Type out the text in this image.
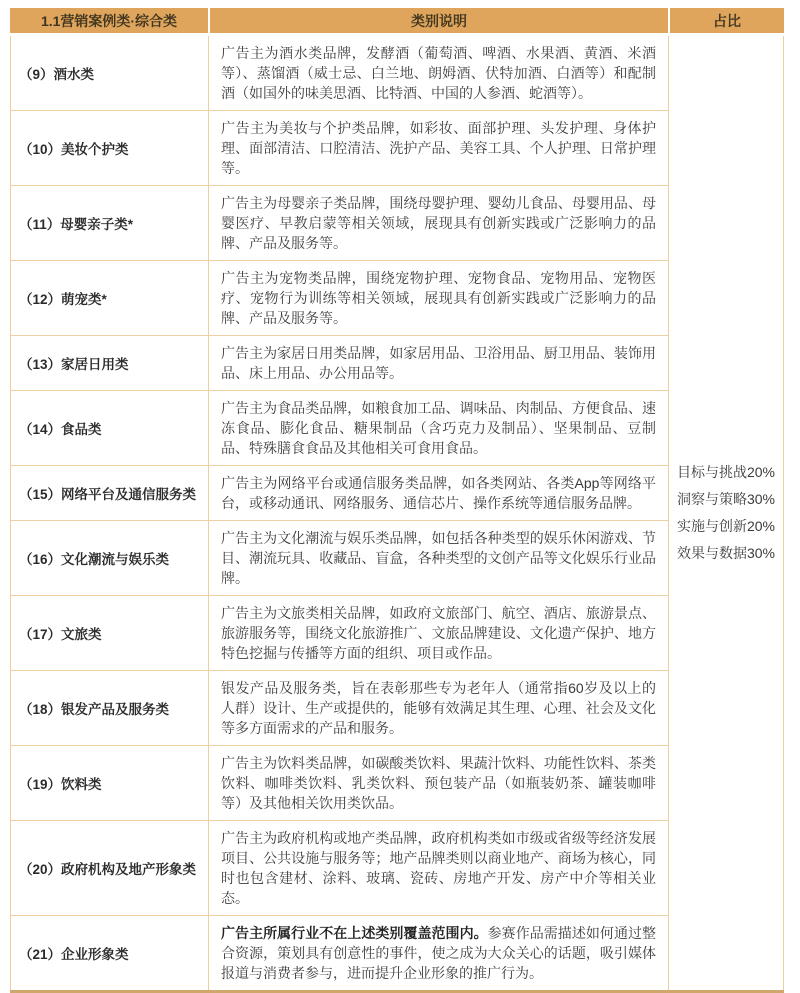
1.1营销案例类·综合类	类别说明	占比
（9）酒水类
广告主为酒水类品牌，发酵酒（葡萄酒、啤酒、水果酒、黄酒、米酒等）、蒸馏酒（威士忌、白兰地、朗姆酒、伏特加酒、白酒等）和配制酒（如国外的味美思酒、比特酒、中国的人参酒、蛇酒等）。
（10）美妆个护类
广告主为美妆与个护类品牌，如彩妆、面部护理、头发护理、身体护理、面部清洁、口腔清洁、洗护产品、美容工具、个人护理、日常护理等。
（11）母婴亲子类*
广告主为母婴亲子类品牌，围绕母婴护理、婴幼儿食品、母婴用品、母婴医疗、早教启蒙等相关领域，展现具有创新实践或广泛影响力的品牌、产品及服务等。
（12）萌宠类*
广告主为宠物类品牌，围绕宠物护理、宠物食品、宠物用品、宠物医疗、宠物行为训练等相关领域，展现具有创新实践或广泛影响力的品牌、产品及服务等。
（13）家居日用类
广告主为家居日用类品牌，如家居用品、卫浴用品、厨卫用品、装饰用品、床上用品、办公用品等。
（14）食品类
广告主为食品类品牌，如粮食加工品、调味品、肉制品、方便食品、速冻食品、膨化食品、糖果制品（含巧克力及制品）、坚果制品、豆制品、特殊膳食食品及其他相关可食用食品。
（15）网络平台及通信服务类
广告主为网络平台或通信服务类品牌，如各类网站、各类App等网络平台，或移动通讯、网络服务、通信芯片、操作系统等通信服务品牌。
（16）文化潮流与娱乐类
广告主为文化潮流与娱乐类品牌，如包括各种类型的娱乐休闲游戏、节目、潮流玩具、收藏品、盲盒，各种类型的文创产品等文化娱乐行业品牌。
（17）文旅类
广告主为文旅类相关品牌，如政府文旅部门、航空、酒店、旅游景点、旅游服务等，围绕文化旅游推广、文旅品牌建设、文化遗产保护、地方特色挖掘与传播等方面的组织、项目或作品。
（18）银发产品及服务类
银发产品及服务类，旨在表彰那些专为老年人（通常指60岁及以上的人群）设计、生产或提供的，能够有效满足其生理、心理、社会及文化等多方面需求的产品和服务。
（19）饮料类
广告主为饮料类品牌，如碳酸类饮料、果蔬汁饮料、功能性饮料、茶类饮料、咖啡类饮料、乳类饮料、预包装产品（如瓶装奶茶、罐装咖啡等）及其他相关饮用类饮品。
（20）政府机构及地产形象类
广告主为政府机构或地产类品牌，政府机构类如市级或省级等经济发展项目、公共设施与服务等；地产品牌类则以商业地产、商场为核心，同时也包含建材、涂料、玻璃、瓷砖、房地产开发、房产中介等相关业态。
（21）企业形象类
广告主所属行业不在上述类别覆盖范围内。参赛作品需描述如何通过整合资源，策划具有创意性的事件，使之成为大众关心的话题，吸引媒体报道与消费者参与，进而提升企业形象的推广行为。
目标与挑战20%
洞察与策略30%
实施与创新20%
效果与数据30%
